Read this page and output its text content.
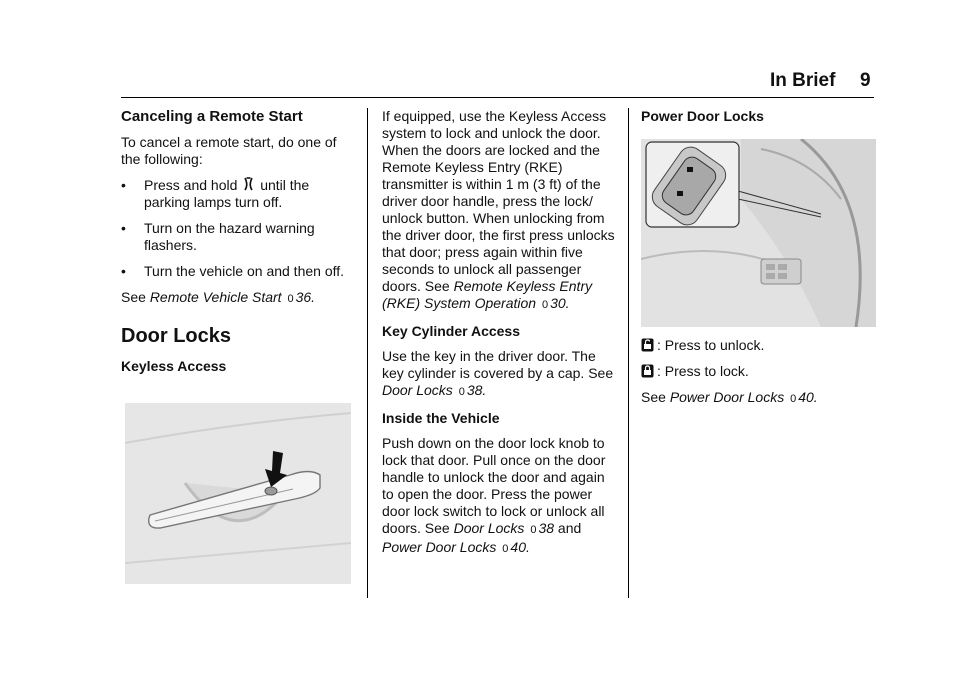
In Brief 9
Canceling a Remote Start

To cancel a remote start, do one of the following:

• Press and hold until the parking lamps turn off.
• Turn on the hazard warning flashers.
• Turn the vehicle on and then off.

See Remote Vehicle Start 0 36.

Door Locks
Keyless Access

If equipped, use the Keyless Access system to lock and unlock the door. When the doors are locked and the Remote Keyless Entry (RKE) transmitter is within 1 m (3 ft) of the driver door handle, press the lock/ unlock button. When unlocking from the driver door, the first press unlocks that door; press again within five seconds to unlock all passenger doors. See Remote Keyless Entry (RKE) System Operation 0 30.

Key Cylinder Access

Use the key in the driver door. The key cylinder is covered by a cap. See Door Locks 0 38.

Inside the Vehicle

Push down on the door lock knob to lock that door. Pull once on the door handle to unlock the door and again to open the door. Press the power door lock switch to lock or unlock all doors. See Door Locks 0 38 and Power Door Locks 0 40.

Power Door Locks

: Press to unlock.

: Press to lock.

See Power Door Locks 0 40.
